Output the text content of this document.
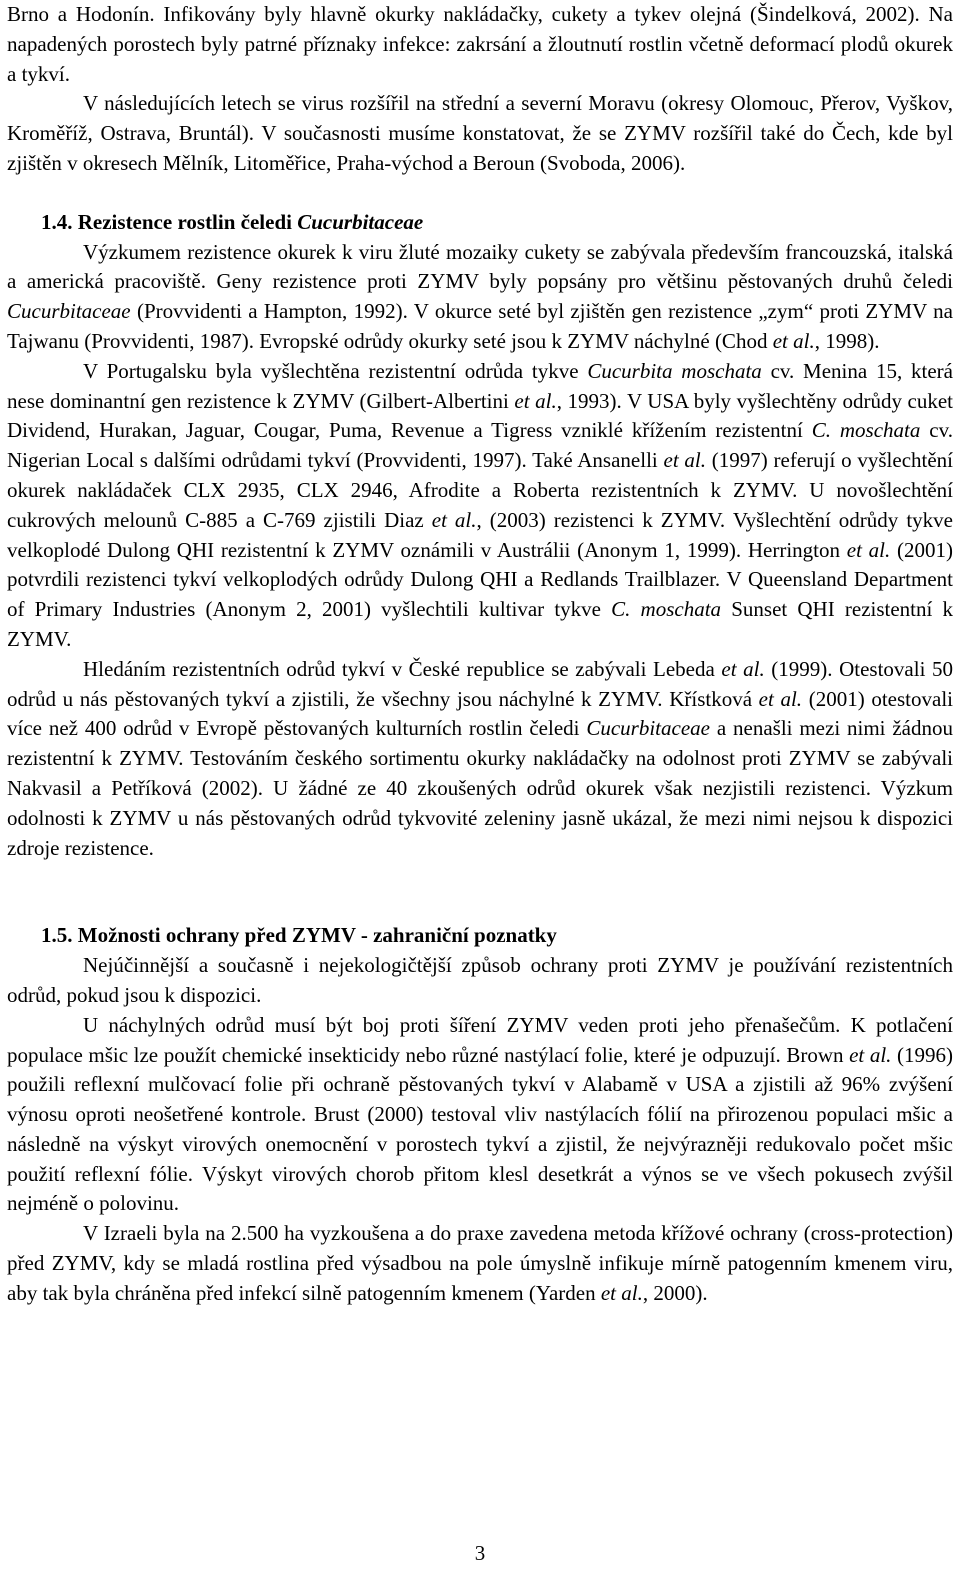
Brno a Hodonín. Infikovány byly hlavně okurky nakládačky, cukety a tykev olejná (Šindelková, 2002). Na napadených porostech byly patrné příznaky infekce: zakrsání a žloutnutí rostlin včetně deformací plodů okurek a tykví.

V následujících letech se virus rozšířil na střední a severní Moravu (okresy Olomouc, Přerov, Vyškov, Kroměříž, Ostrava, Bruntál). V současnosti musíme konstatovat, že se ZYMV rozšířil také do Čech, kde byl zjištěn v okresech Mělník, Litoměřice, Praha-východ a Beroun (Svoboda, 2006).

1.4. Rezistence rostlin čeledi Cucurbitaceae

Výzkumem rezistence okurek k viru žluté mozaiky cukety se zabývala především francouzská, italská a americká pracoviště. Geny rezistence proti ZYMV byly popsány pro většinu pěstovaných druhů čeledi Cucurbitaceae (Provvidenti a Hampton, 1992). V okurce seté byl zjištěn gen rezistence „zym“ proti ZYMV na Tajwanu (Provvidenti, 1987). Evropské odrůdy okurky seté jsou k ZYMV náchylné (Chod et al., 1998).

V Portugalsku byla vyšlechtěna rezistentní odrůda tykve Cucurbita moschata cv. Menina 15, která nese dominantní gen rezistence k ZYMV (Gilbert-Albertini et al., 1993). V USA byly vyšlechtěny odrůdy cuket Dividend, Hurakan, Jaguar, Cougar, Puma, Revenue a Tigress vzniklé křížením rezistentní C. moschata cv. Nigerian Local s dalšími odrůdami tykví (Provvidenti, 1997). Také Ansanelli et al. (1997) referují o vyšlechtění okurek nakládaček CLX 2935, CLX 2946, Afrodite a Roberta rezistentních k ZYMV. U novošlechtění cukrových melounů C-885 a C-769 zjistili Diaz et al., (2003) rezistenci k ZYMV. Vyšlechtění odrůdy tykve velkoplodé Dulong QHI rezistentní k ZYMV oznámili v Austrálii (Anonym 1, 1999). Herrington et al. (2001) potvrdili rezistenci tykví velkoplodých odrůdy Dulong QHI a Redlands Trailblazer. V Queensland Department of Primary Industries (Anonym 2, 2001) vyšlechtili kultivar tykve C. moschata Sunset QHI rezistentní k ZYMV.

Hledáním rezistentních odrůd tykví v České republice se zabývali Lebeda et al. (1999). Otestovali 50 odrůd u nás pěstovaných tykví a zjistili, že všechny jsou náchylné k ZYMV. Křístková et al. (2001) otestovali více než 400 odrůd v Evropě pěstovaných kulturních rostlin čeledi Cucurbitaceae a nenašli mezi nimi žádnou rezistentní k ZYMV. Testováním českého sortimentu okurky nakládačky na odolnost proti ZYMV se zabývali Nakvasil a Petříková (2002). U žádné ze 40 zkoušených odrůd okurek však nezjistili rezistenci. Výzkum odolnosti k ZYMV u nás pěstovaných odrůd tykvovité zeleniny jasně ukázal, že mezi nimi nejsou k dispozici zdroje rezistence.

1.5. Možnosti ochrany před ZYMV - zahraniční poznatky

Nejúčinnější a současně i nejekologičtější způsob ochrany proti ZYMV je používání rezistentních odrůd, pokud jsou k dispozici.

U náchylných odrůd musí být boj proti šíření ZYMV veden proti jeho přenašečům. K potlačení populace mšic lze použít chemické insekticidy nebo různé nastýlací folie, které je odpuzují. Brown et al. (1996) použili reflexní mulčovací folie při ochraně pěstovaných tykví v Alabamě v USA a zjistili až 96% zvýšení výnosu oproti neošetřené kontrole. Brust (2000) testoval vliv nastýlacích fólií na přirozenou populaci mšic a následně na výskyt virových onemocnění v porostech tykví a zjistil, že nejvýrazněji redukovalo počet mšic použití reflexní fólie. Výskyt virových chorob přitom klesl desetkrát a výnos se ve všech pokusech zvýšil nejméně o polovinu.

V Izraeli byla na 2.500 ha vyzkoušena a do praxe zavedena metoda křížové ochrany (cross-protection) před ZYMV, kdy se mladá rostlina před výsadbou na pole úmyslně infikuje mírně patogenním kmenem viru, aby tak byla chráněna před infekcí silně patogenním kmenem (Yarden et al., 2000).

3
